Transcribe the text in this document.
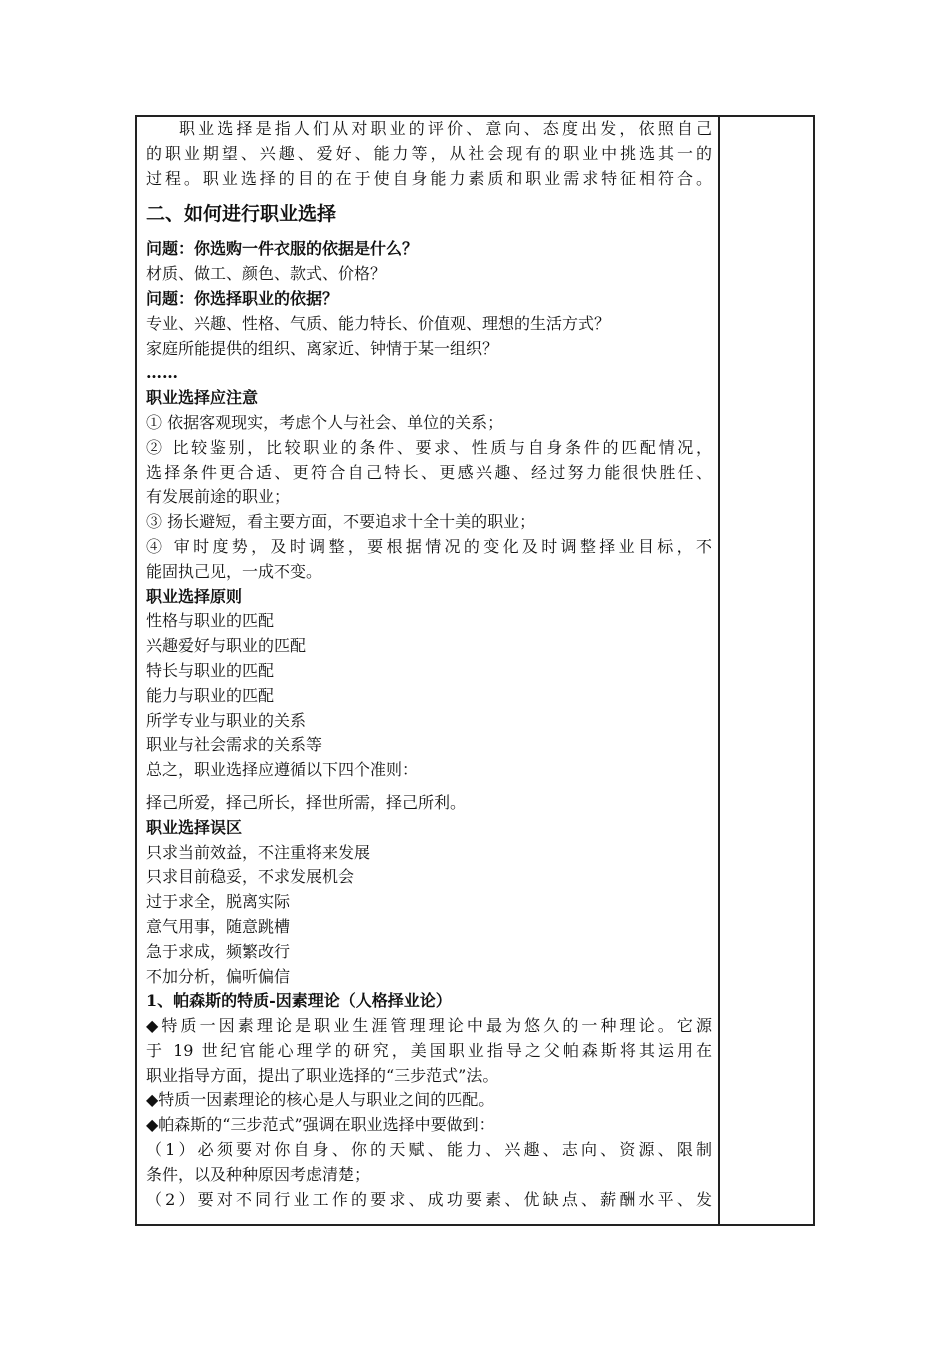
职业选择是指人们从对职业的评价、意向、态度出发，依照自己
的职业期望、兴趣、爱好、能力等，从社会现有的职业中挑选其一的
过程。职业选择的目的在于使自身能力素质和职业需求特征相符合。
二、如何进行职业选择
问题：你选购一件衣服的依据是什么？
材质、做工、颜色、款式、价格？
问题：你选择职业的依据？
专业、兴趣、性格、气质、能力特长、价值观、理想的生活方式？
家庭所能提供的组织、离家近、钟情于某一组织？
……
职业选择应注意
① 依据客观现实，考虑个人与社会、单位的关系；
② 比较鉴别，比较职业的条件、要求、性质与自身条件的匹配情况，
选择条件更合适、更符合自己特长、更感兴趣、经过努力能很快胜任、
有发展前途的职业；
③ 扬长避短，看主要方面，不要追求十全十美的职业；
④ 审时度势，及时调整，要根据情况的变化及时调整择业目标，不
能固执己见，一成不变。
职业选择原则
性格与职业的匹配
兴趣爱好与职业的匹配
特长与职业的匹配
能力与职业的匹配
所学专业与职业的关系
职业与社会需求的关系等
总之，职业选择应遵循以下四个准则：
择己所爱，择己所长，择世所需，择己所利。
职业选择误区
只求当前效益，不注重将来发展
只求目前稳妥，不求发展机会
过于求全，脱离实际
意气用事，随意跳槽
急于求成，频繁改行
不加分析，偏听偏信
1、帕森斯的特质-因素理论（人格择业论）
◆特质一因素理论是职业生涯管理理论中最为悠久的一种理论。它源
于 19 世纪官能心理学的研究，美国职业指导之父帕森斯将其运用在
职业指导方面，提出了职业选择的“三步范式”法。
◆特质一因素理论的核心是人与职业之间的匹配。
◆帕森斯的“三步范式”强调在职业选择中要做到：
（1）必须要对你自身、你的天赋、能力、兴趣、志向、资源、限制
条件，以及种种原因考虑清楚；
（2）要对不同行业工作的要求、成功要素、优缺点、薪酬水平、发
